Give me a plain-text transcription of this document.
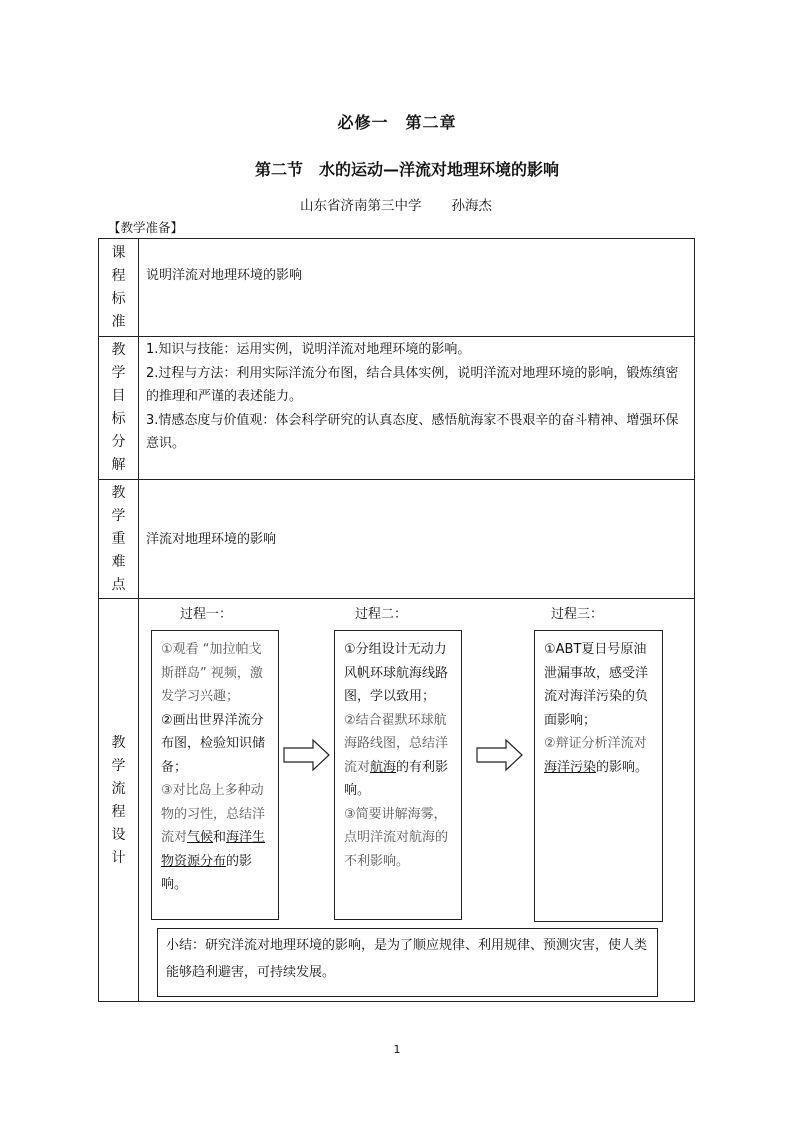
必修一　第二章
第二节　水的运动—洋流对地理环境的影响
山东省济南第三中学 孙海杰
【教学准备】
课
程
标
准
说明洋流对地理环境的影响
教
学
目
标
分
解
1.知识与技能：运用实例，说明洋流对地理环境的影响。
2.过程与方法：利用实际洋流分布图，结合具体实例，说明洋流对地理环境的影响，锻炼缜密的推理和严谨的表述能力。
3.情感态度与价值观：体会科学研究的认真态度、感悟航海家不畏艰辛的奋斗精神、增强环保意识。
教
学
重
难
点
洋流对地理环境的影响
教
学
流
程
设
计
过程一：	过程二：	过程三：
①观看 “加拉帕戈斯群岛” 视频，激发学习兴趣；
②画出世界洋流分布图，检验知识储备；
③对比岛上多种动物的习性，总结洋流对气候和海洋生物资源分布的影响。
①分组设计无动力风帆环球航海线路图，学以致用；
②结合翟默环球航海路线图，总结洋流对航海的有利影响。
③简要讲解海雾，点明洋流对航海的不利影响。
①ABT夏日号原油泄漏事故，感受洋流对海洋污染的负面影响；
②辩证分析洋流对海洋污染的影响。
小结：研究洋流对地理环境的影响，是为了顺应规律、利用规律、预测灾害，使人类能够趋利避害，可持续发展。
1
